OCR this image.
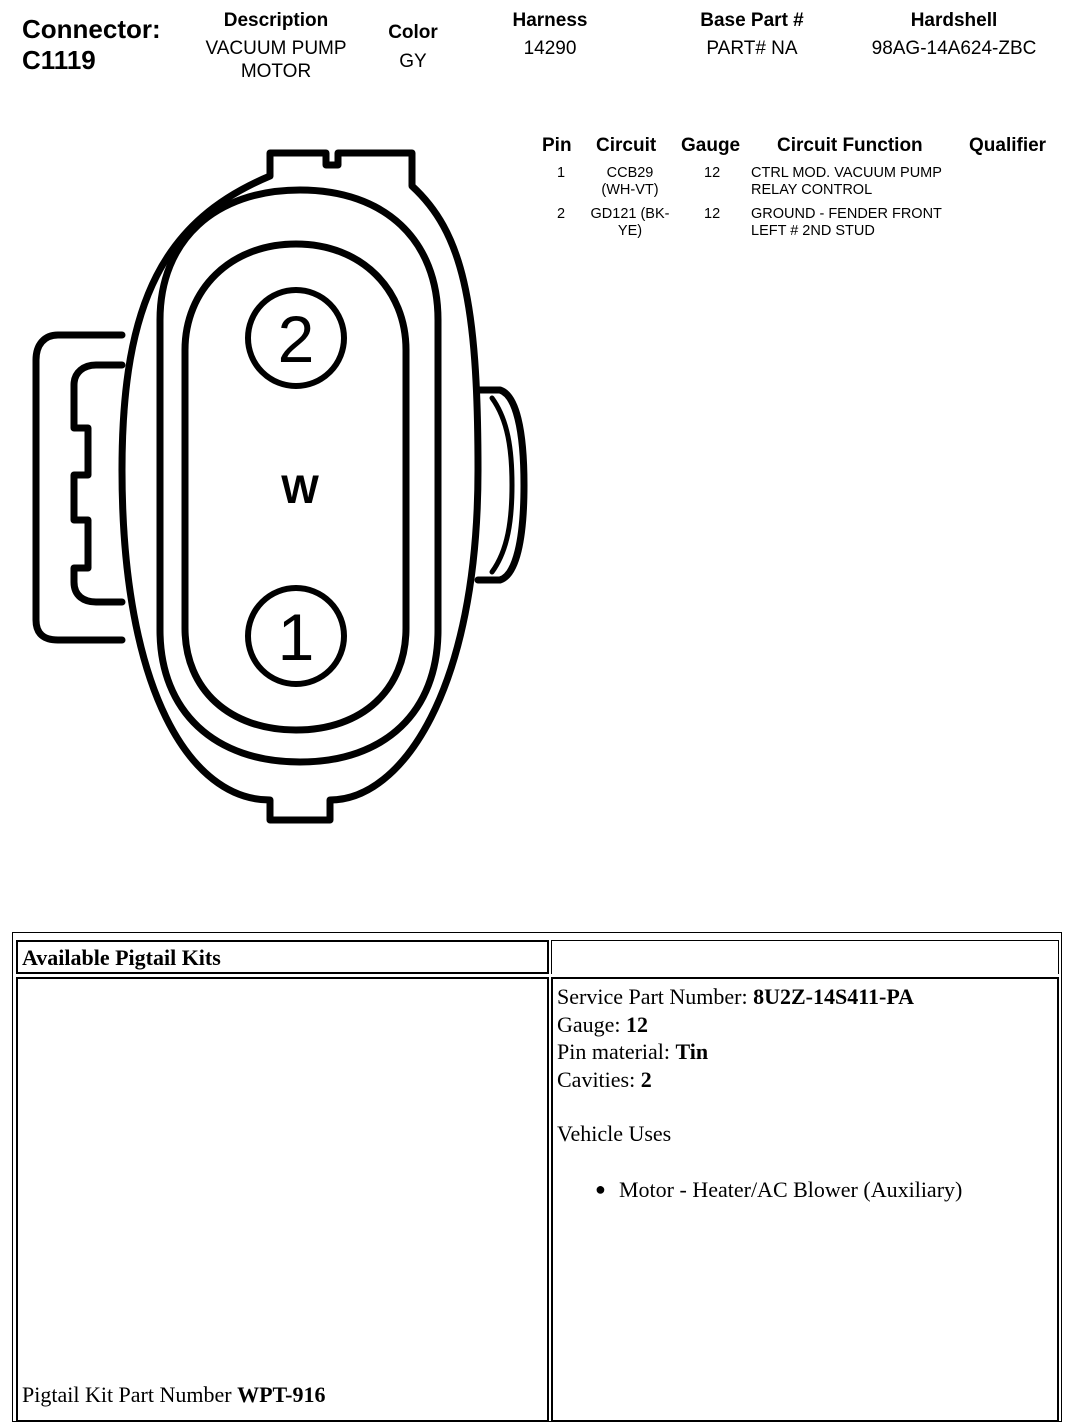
Connector:
C1119
Description
VACUUM PUMP
MOTOR
Color
GY
Harness
14290
Base Part #
PART# NA
Hardshell
98AG-14A624-ZBC
2
1
W
Pin Circuit Gauge Circuit Function Qualifier
1	CCB29
(WH-VT)
12 CTRL MOD. VACUUM PUMP
RELAY CONTROL
2	GD121 (BK-
YE)
12 GROUND - FENDER FRONT
LEFT # 2ND STUD
Available Pigtail Kits
Pigtail Kit Part Number WPT-916
Service Part Number: 8U2Z-14S411-PA
Gauge: 12
Pin material: Tin
Cavities: 2
Vehicle Uses
● Motor - Heater/AC Blower (Auxiliary)
